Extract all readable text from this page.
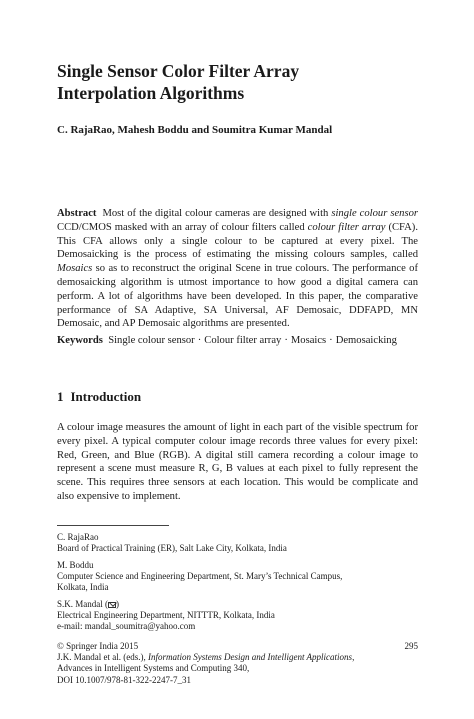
Single Sensor Color Filter Array
Interpolation Algorithms

C. RajaRao, Mahesh Boddu and Soumitra Kumar Mandal

Abstract Most of the digital colour cameras are designed with single colour sensor CCD/CMOS masked with an array of colour filters called colour filter array (CFA). This CFA allows only a single colour to be captured at every pixel. The Demosaicking is the process of estimating the missing colours samples, called Mosaics so as to reconstruct the original Scene in true colours. The performance of demosaicking algorithm is utmost importance to how good a digital camera can perform. A lot of algorithms have been developed. In this paper, the comparative performance of SA Adaptive, SA Universal, AF Demosaic, DDFAPD, MN Demosaic, and AP Demosaic algorithms are presented.

Keywords Single colour sensor · Colour filter array · Mosaics · Demosaicking

1 Introduction

A colour image measures the amount of light in each part of the visible spectrum for every pixel. A typical computer colour image records three values for every pixel: Red, Green, and Blue (RGB). A digital still camera recording a colour image to represent a scene must measure R, G, B values at each pixel to fully represent the scene. This requires three sensors at each location. This would be complicate and also expensive to implement.

C. RajaRao
Board of Practical Training (ER), Salt Lake City, Kolkata, India
M. Boddu
Computer Science and Engineering Department, St. Mary’s Technical Campus,
Kolkata, India
S.K. Mandal ( )
Electrical Engineering Department, NITTTR, Kolkata, India
e-mail: mandal_soumitra@yahoo.com
© Springer India 2015
J.K. Mandal et al. (eds.), Information Systems Design and Intelligent Applications,
Advances in Intelligent Systems and Computing 340,
DOI 10.1007/978-81-322-2247-7_31
295
